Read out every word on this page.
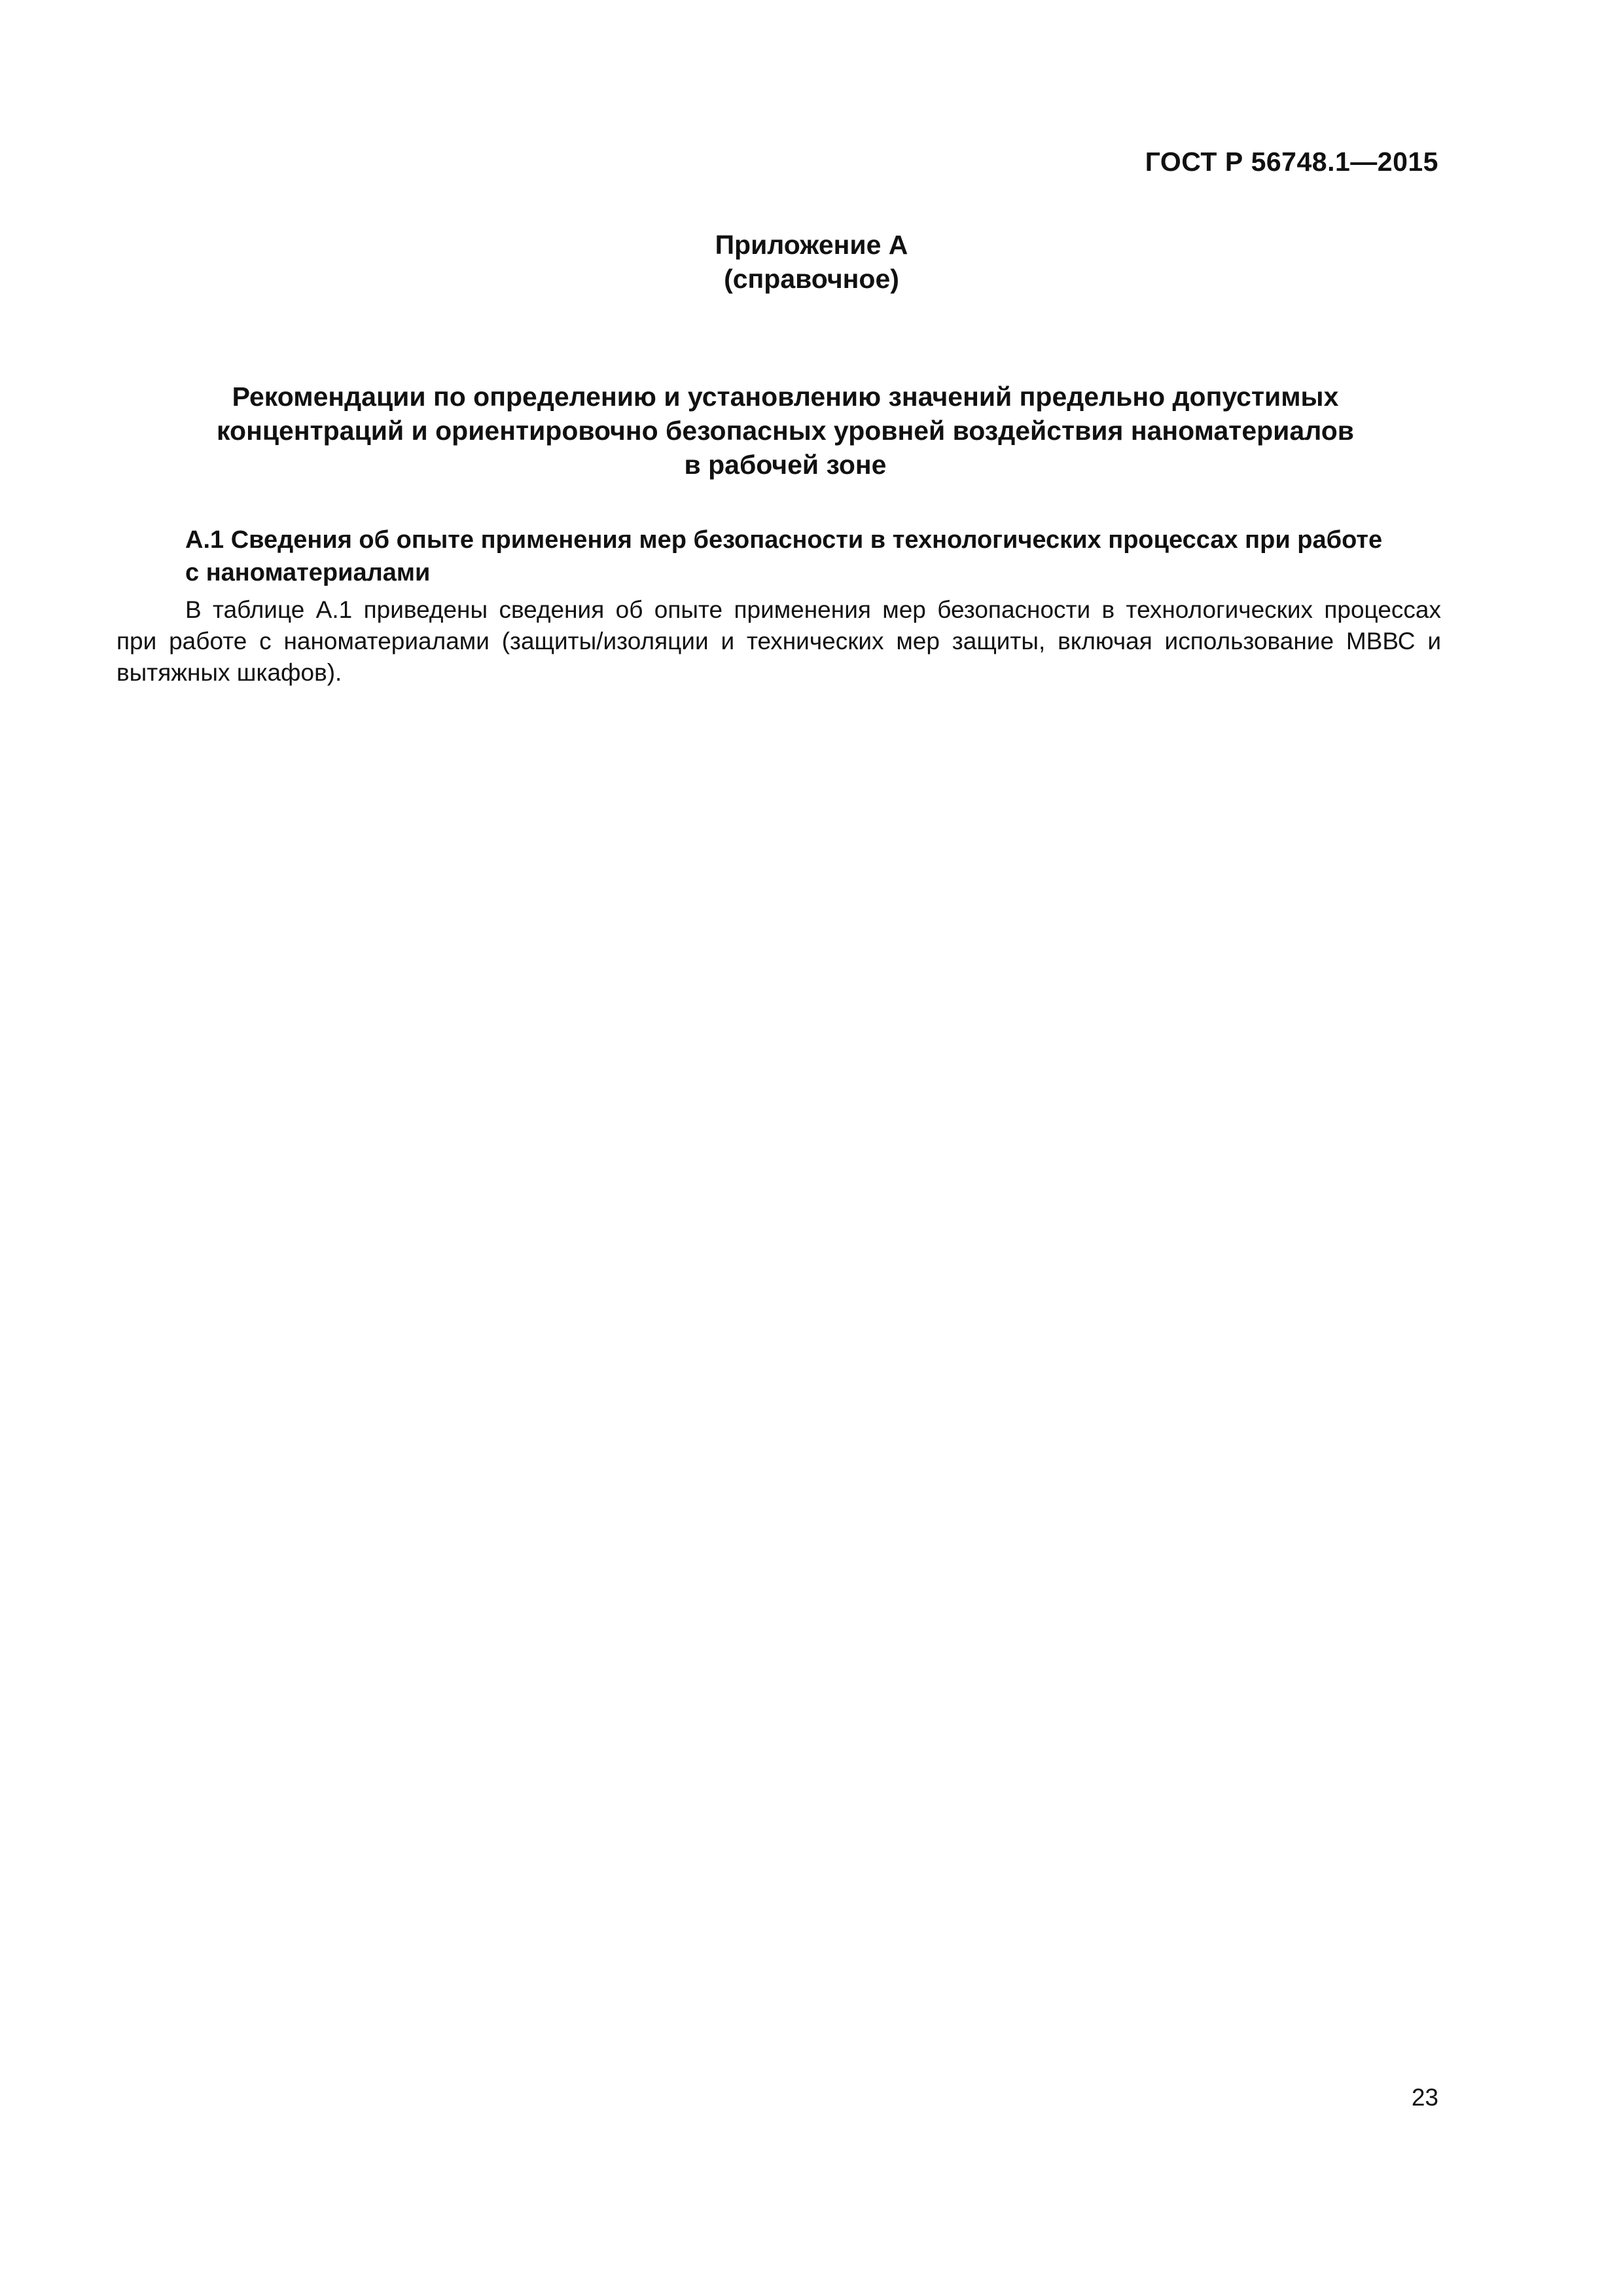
ГОСТ Р 56748.1—2015
Приложение А
(справочное)
Рекомендации по определению и установлению значений предельно допустимых
концентраций и ориентировочно безопасных уровней воздействия наноматериалов
в рабочей зоне
А.1 Сведения об опыте применения мер безопасности в технологических процессах при работе
с наноматериалами
В таблице А.1 приведены сведения об опыте применения мер безопасности в технологических процессах
при работе с наноматериалами (защиты/изоляции и технических мер защиты, включая использование МВВС и
вытяжных шкафов).
23
